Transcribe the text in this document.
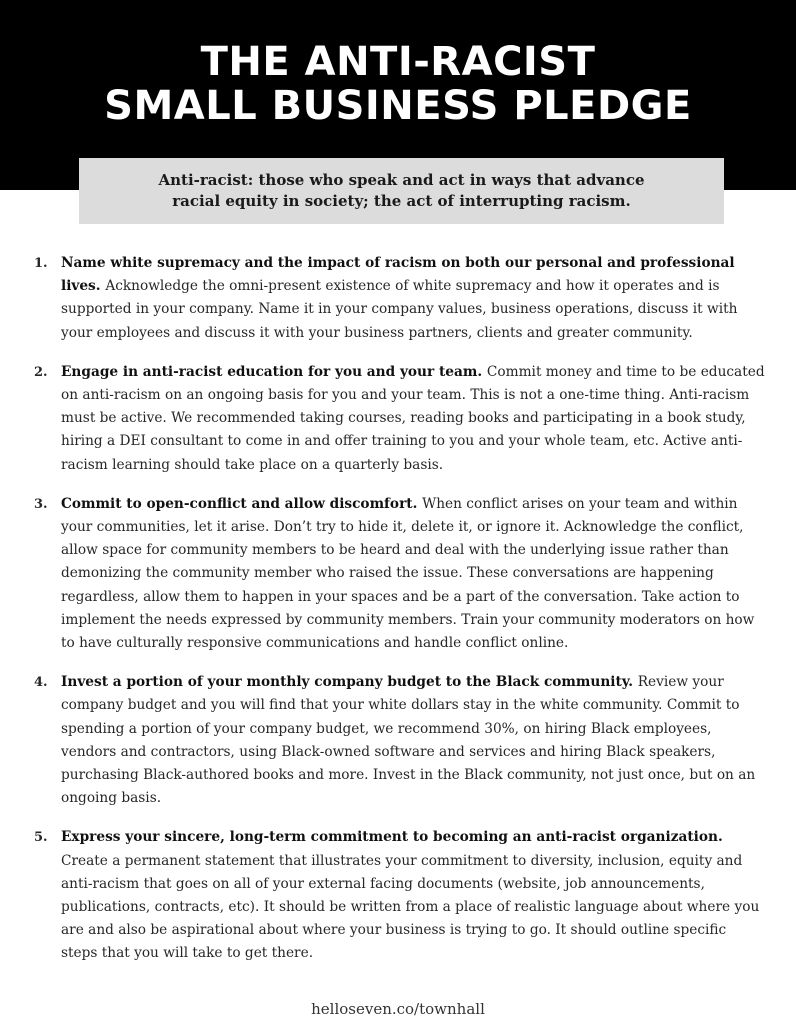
THE ANTI-RACIST
SMALL BUSINESS PLEDGE
Anti-racist: those who speak and act in ways that advance racial equity in society; the act of interrupting racism.
1. Name white supremacy and the impact of racism on both our personal and professional lives. Acknowledge the omni-present existence of white supremacy and how it operates and is supported in your company. Name it in your company values, business operations, discuss it with your employees and discuss it with your business partners, clients and greater community.
2. Engage in anti-racist education for you and your team. Commit money and time to be educated on anti-racism on an ongoing basis for you and your team. This is not a one-time thing. Anti-racism must be active. We recommended taking courses, reading books and participating in a book study, hiring a DEI consultant to come in and offer training to you and your whole team, etc. Active anti-racism learning should take place on a quarterly basis.
3. Commit to open-conflict and allow discomfort. When conflict arises on your team and within your communities, let it arise. Don’t try to hide it, delete it, or ignore it. Acknowledge the conflict, allow space for community members to be heard and deal with the underlying issue rather than demonizing the community member who raised the issue. These conversations are happening regardless, allow them to happen in your spaces and be a part of the conversation. Take action to implement the needs expressed by community members. Train your community moderators on how to have culturally responsive communications and handle conflict online.
4. Invest a portion of your monthly company budget to the Black community. Review your company budget and you will find that your white dollars stay in the white community. Commit to spending a portion of your company budget, we recommend 30%, on hiring Black employees, vendors and contractors, using Black-owned software and services and hiring Black speakers, purchasing Black-authored books and more. Invest in the Black community, not just once, but on an ongoing basis.
5. Express your sincere, long-term commitment to becoming an anti-racist organization. Create a permanent statement that illustrates your commitment to diversity, inclusion, equity and anti-racism that goes on all of your external facing documents (website, job announcements, publications, contracts, etc). It should be written from a place of realistic language about where you are and also be aspirational about where your business is trying to go. It should outline specific steps that you will take to get there.
helloseven.co/townhall
